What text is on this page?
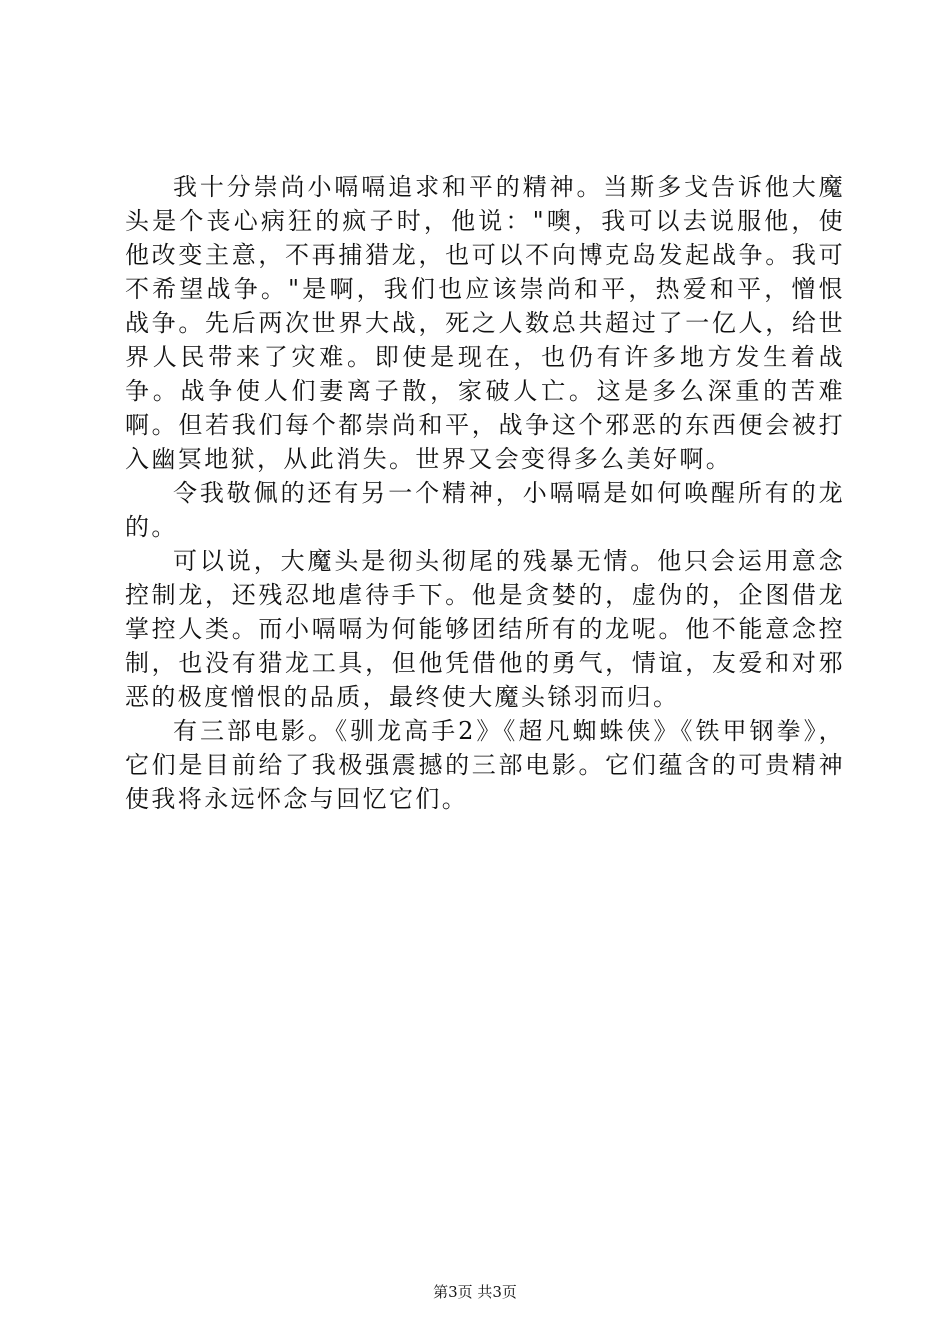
我十分崇尚小嗝嗝追求和平的精神。当斯多戈告诉他大魔头是个丧心病狂的疯子时，他说："噢，我可以去说服他，使他改变主意，不再捕猎龙，也可以不向博克岛发起战争。我可不希望战争。"是啊，我们也应该崇尚和平，热爱和平，憎恨战争。先后两次世界大战，死之人数总共超过了一亿人，给世界人民带来了灾难。即使是现在，也仍有许多地方发生着战争。战争使人们妻离子散，家破人亡。这是多么深重的苦难啊。但若我们每个都崇尚和平，战争这个邪恶的东西便会被打入幽冥地狱，从此消失。世界又会变得多么美好啊。

令我敬佩的还有另一个精神，小嗝嗝是如何唤醒所有的龙的。

可以说，大魔头是彻头彻尾的残暴无情。他只会运用意念控制龙，还残忍地虐待手下。他是贪婪的，虚伪的，企图借龙掌控人类。而小嗝嗝为何能够团结所有的龙呢。他不能意念控制，也没有猎龙工具，但他凭借他的勇气，情谊，友爱和对邪恶的极度憎恨的品质，最终使大魔头铩羽而归。

有三部电影。《驯龙高手2》《超凡蜘蛛侠》《铁甲钢拳》，它们是目前给了我极强震撼的三部电影。它们蕴含的可贵精神使我将永远怀念与回忆它们。

第3页 共3页
